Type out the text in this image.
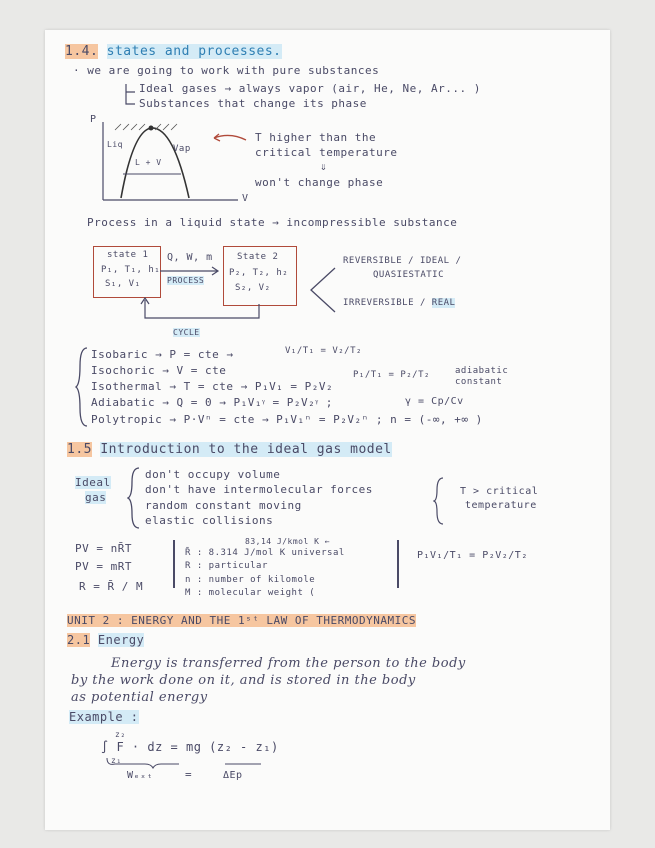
1.4. states and processes.
· we are going to work with pure substances
Ideal gases → always vapor (air, He, Ne, Ar... )
Substances that change its phase
P
V
Liq
L + V
Vap
T higher than the
critical temperature
⇓
won't change phase
Process in a liquid state → incompressible substance
state 1
P₁, T₁, h₁
S₁, V₁
Q, W, m
PROCESS
State 2
P₂, T₂, h₂
S₂, V₂
CYCLE
REVERSIBLE / IDEAL /
QUASIESTATIC
IRREVERSIBLE / REAL
Isobaric → P = cte →	V₁/T₁ = V₂/T₂
Isochoric → V = cte	P₁/T₁ = P₂/T₂	adiabatic
constant
Isothermal → T = cte → P₁V₁ = P₂V₂
Adiabatic → Q = 0 → P₁V₁ᵞ = P₂V₂ᵞ ;	γ = Cp/Cv
Polytropic → P·Vⁿ = cte → P₁V₁ⁿ = P₂V₂ⁿ ; n = (-∞, +∞ )
1.5 Introduction to the ideal gas model
Ideal
gas
don't occupy volume
don't have intermolecular forces
random constant moving
elastic collisions
T > critical
temperature
PV = nR̄T
PV = mRT
R = R̄ / M
83,14 J/kmol K ←
R̄ : 8.314 J/mol K universal
R : particular
n : number of kilomole
M : molecular weight (
P₁V₁/T₁ = P₂V₂/T₂
UNIT 2 : ENERGY AND THE 1ˢᵗ LAW OF THERMODYNAMICS
2.1 Energy
Energy is transferred from the person to the body
by the work done on it, and is stored in the body
as potential energy
Example :
z₂
∫ F · dz = mg (z₂ - z₁)
z₁
Wₑₓₜ	=	ΔEp
